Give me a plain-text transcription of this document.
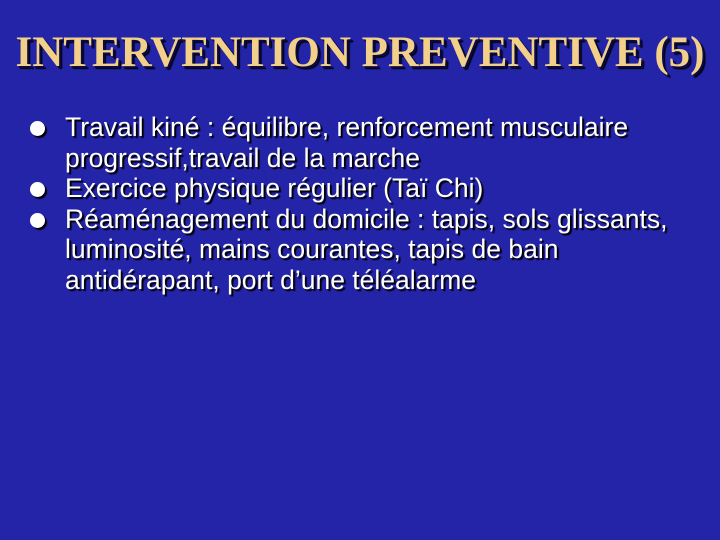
INTERVENTION PREVENTIVE (5)
Travail kiné : équilibre, renforcement musculaire progressif,travail de la marche
Exercice physique régulier (Taï Chi)
Réaménagement du domicile : tapis, sols glissants, luminosité, mains courantes, tapis de bain antidérapant, port d’une téléalarme
